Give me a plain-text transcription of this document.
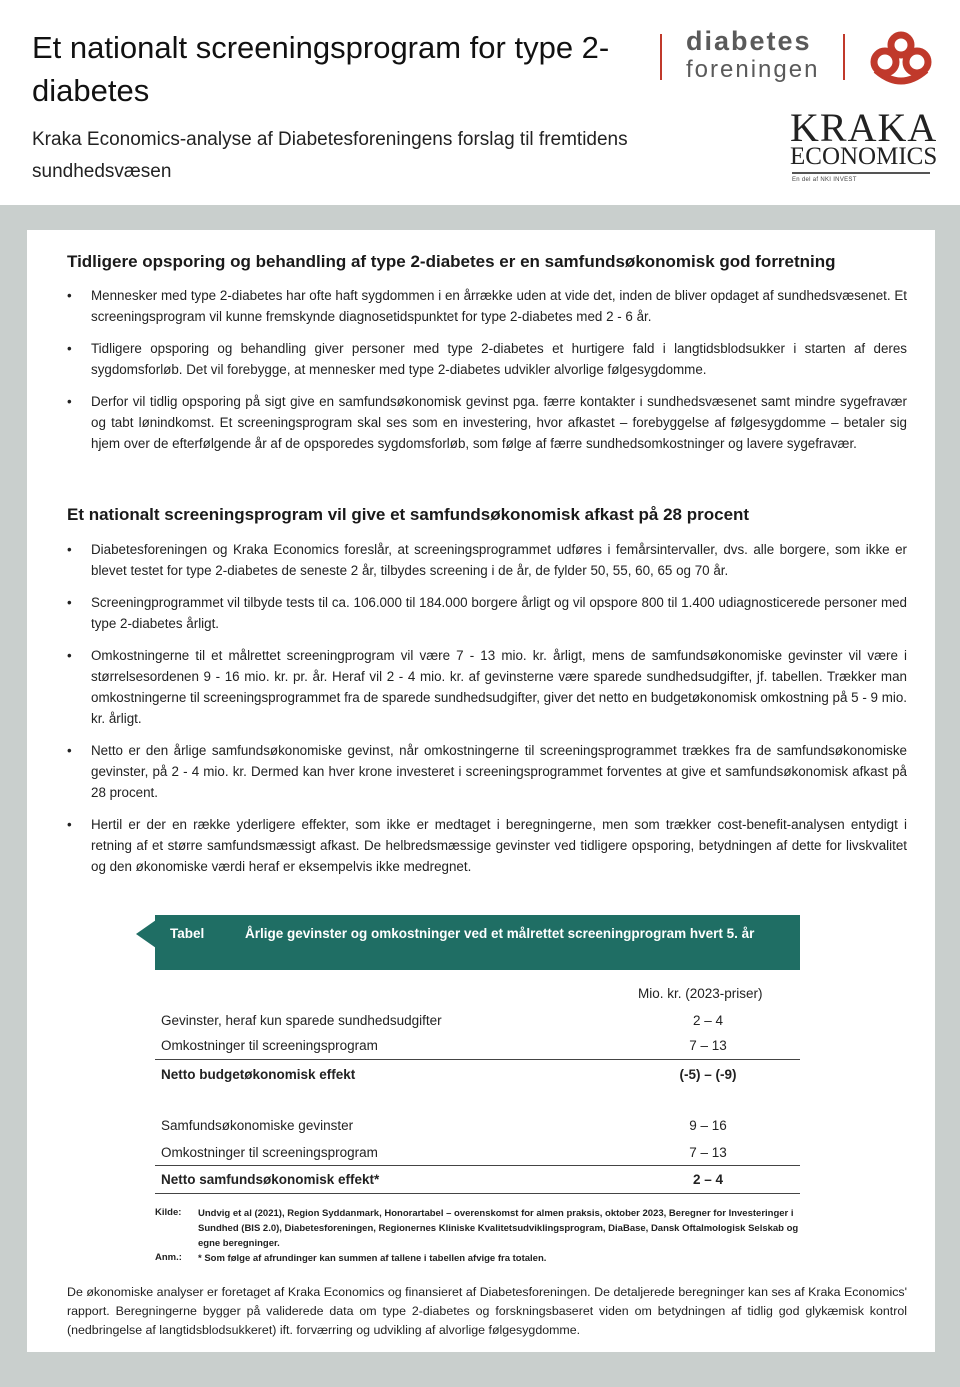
Et nationalt screeningsprogram for type 2-diabetes

Kraka Economics-analyse af Diabetesforeningens forslag til fremtidens sundhedsvæsen

diabetes
foreningen
KRAKA
ECONOMICS
En del af NKI INVEST
Tidligere opsporing og behandling af type 2-diabetes er en samfundsøkonomisk god forretning
• Mennesker med type 2-diabetes har ofte haft sygdommen i en årrække uden at vide det, inden de bliver opdaget af sundhedsvæsenet. Et screeningsprogram vil kunne fremskynde diagnosetidspunktet for type 2-diabetes med 2 - 6 år.
• Tidligere opsporing og behandling giver personer med type 2-diabetes et hurtigere fald i langtidsblodsukker i starten af deres sygdomsforløb. Det vil forebygge, at mennesker med type 2-diabetes udvikler alvorlige følgesygdomme.
• Derfor vil tidlig opsporing på sigt give en samfundsøkonomisk gevinst pga. færre kontakter i sundhedsvæsenet samt mindre sygefravær og tabt lønindkomst. Et screeningsprogram skal ses som en investering, hvor afkastet – forebyggelse af følgesygdomme – betaler sig hjem over de efterfølgende år af de opsporedes sygdomsforløb, som følge af færre sundhedsomkostninger og lavere sygefravær.
Et nationalt screeningsprogram vil give et samfundsøkonomisk afkast på 28 procent
• Diabetesforeningen og Kraka Economics foreslår, at screeningsprogrammet udføres i femårsintervaller, dvs. alle borgere, som ikke er blevet testet for type 2-diabetes de seneste 2 år, tilbydes screening i de år, de fylder 50, 55, 60, 65 og 70 år.
• Screeningprogrammet vil tilbyde tests til ca. 106.000 til 184.000 borgere årligt og vil opspore 800 til 1.400 udiagnosticerede personer med type 2-diabetes årligt.
• Omkostningerne til et målrettet screeningprogram vil være 7 - 13 mio. kr. årligt, mens de samfundsøkonomiske gevinster vil være i størrelsesordenen 9 - 16 mio. kr. pr. år. Heraf vil 2 - 4 mio. kr. af gevinsterne være sparede sundhedsudgifter, jf. tabellen. Trækker man omkostningerne til screeningsprogrammet fra de sparede sundhedsudgifter, giver det netto en budgetøkonomisk omkostning på 5 - 9 mio. kr. årligt.
• Netto er den årlige samfundsøkonomiske gevinst, når omkostningerne til screeningsprogrammet trækkes fra de samfundsøkonomiske gevinster, på 2 - 4 mio. kr. Dermed kan hver krone investeret i screeningsprogrammet forventes at give et samfundsøkonomisk afkast på 28 procent.
• Hertil er der en række yderligere effekter, som ikke er medtaget i beregningerne, men som trækker cost-benefit-analysen entydigt i retning af et større samfundsmæssigt afkast. De helbredsmæssige gevinster ved tidligere opsporing, betydningen af dette for livskvalitet og den økonomiske værdi heraf er eksempelvis ikke medregnet.
Tabel	Årlige gevinster og omkostninger ved et målrettet screeningprogram hvert 5. år
Mio. kr. (2023-priser)
Gevinster, heraf kun sparede sundhedsudgifter	2 – 4
Omkostninger til screeningsprogram	7 – 13
Netto budgetøkonomisk effekt	(-5) – (-9)
Samfundsøkonomiske gevinster	9 – 16
Omkostninger til screeningsprogram	7 – 13
Netto samfundsøkonomisk effekt*	2 – 4
Kilde: Undvig et al (2021), Region Syddanmark, Honorartabel – overenskomst for almen praksis, oktober 2023, Beregner for Investeringer i Sundhed (BIS 2.0), Diabetesforeningen, Regionernes Kliniske Kvalitetsudviklingsprogram, DiaBase, Dansk Oftalmologisk Selskab og egne beregninger.
Anm.: * Som følge af afrundinger kan summen af tallene i tabellen afvige fra totalen.

De økonomiske analyser er foretaget af Kraka Economics og finansieret af Diabetesforeningen. De detaljerede beregninger kan ses af Kraka Economics' rapport. Beregningerne bygger på validerede data om type 2-diabetes og forskningsbaseret viden om betydningen af tidlig god glykæmisk kontrol (nedbringelse af langtidsblodsukkeret) ift. forværring og udvikling af alvorlige følgesygdomme.
